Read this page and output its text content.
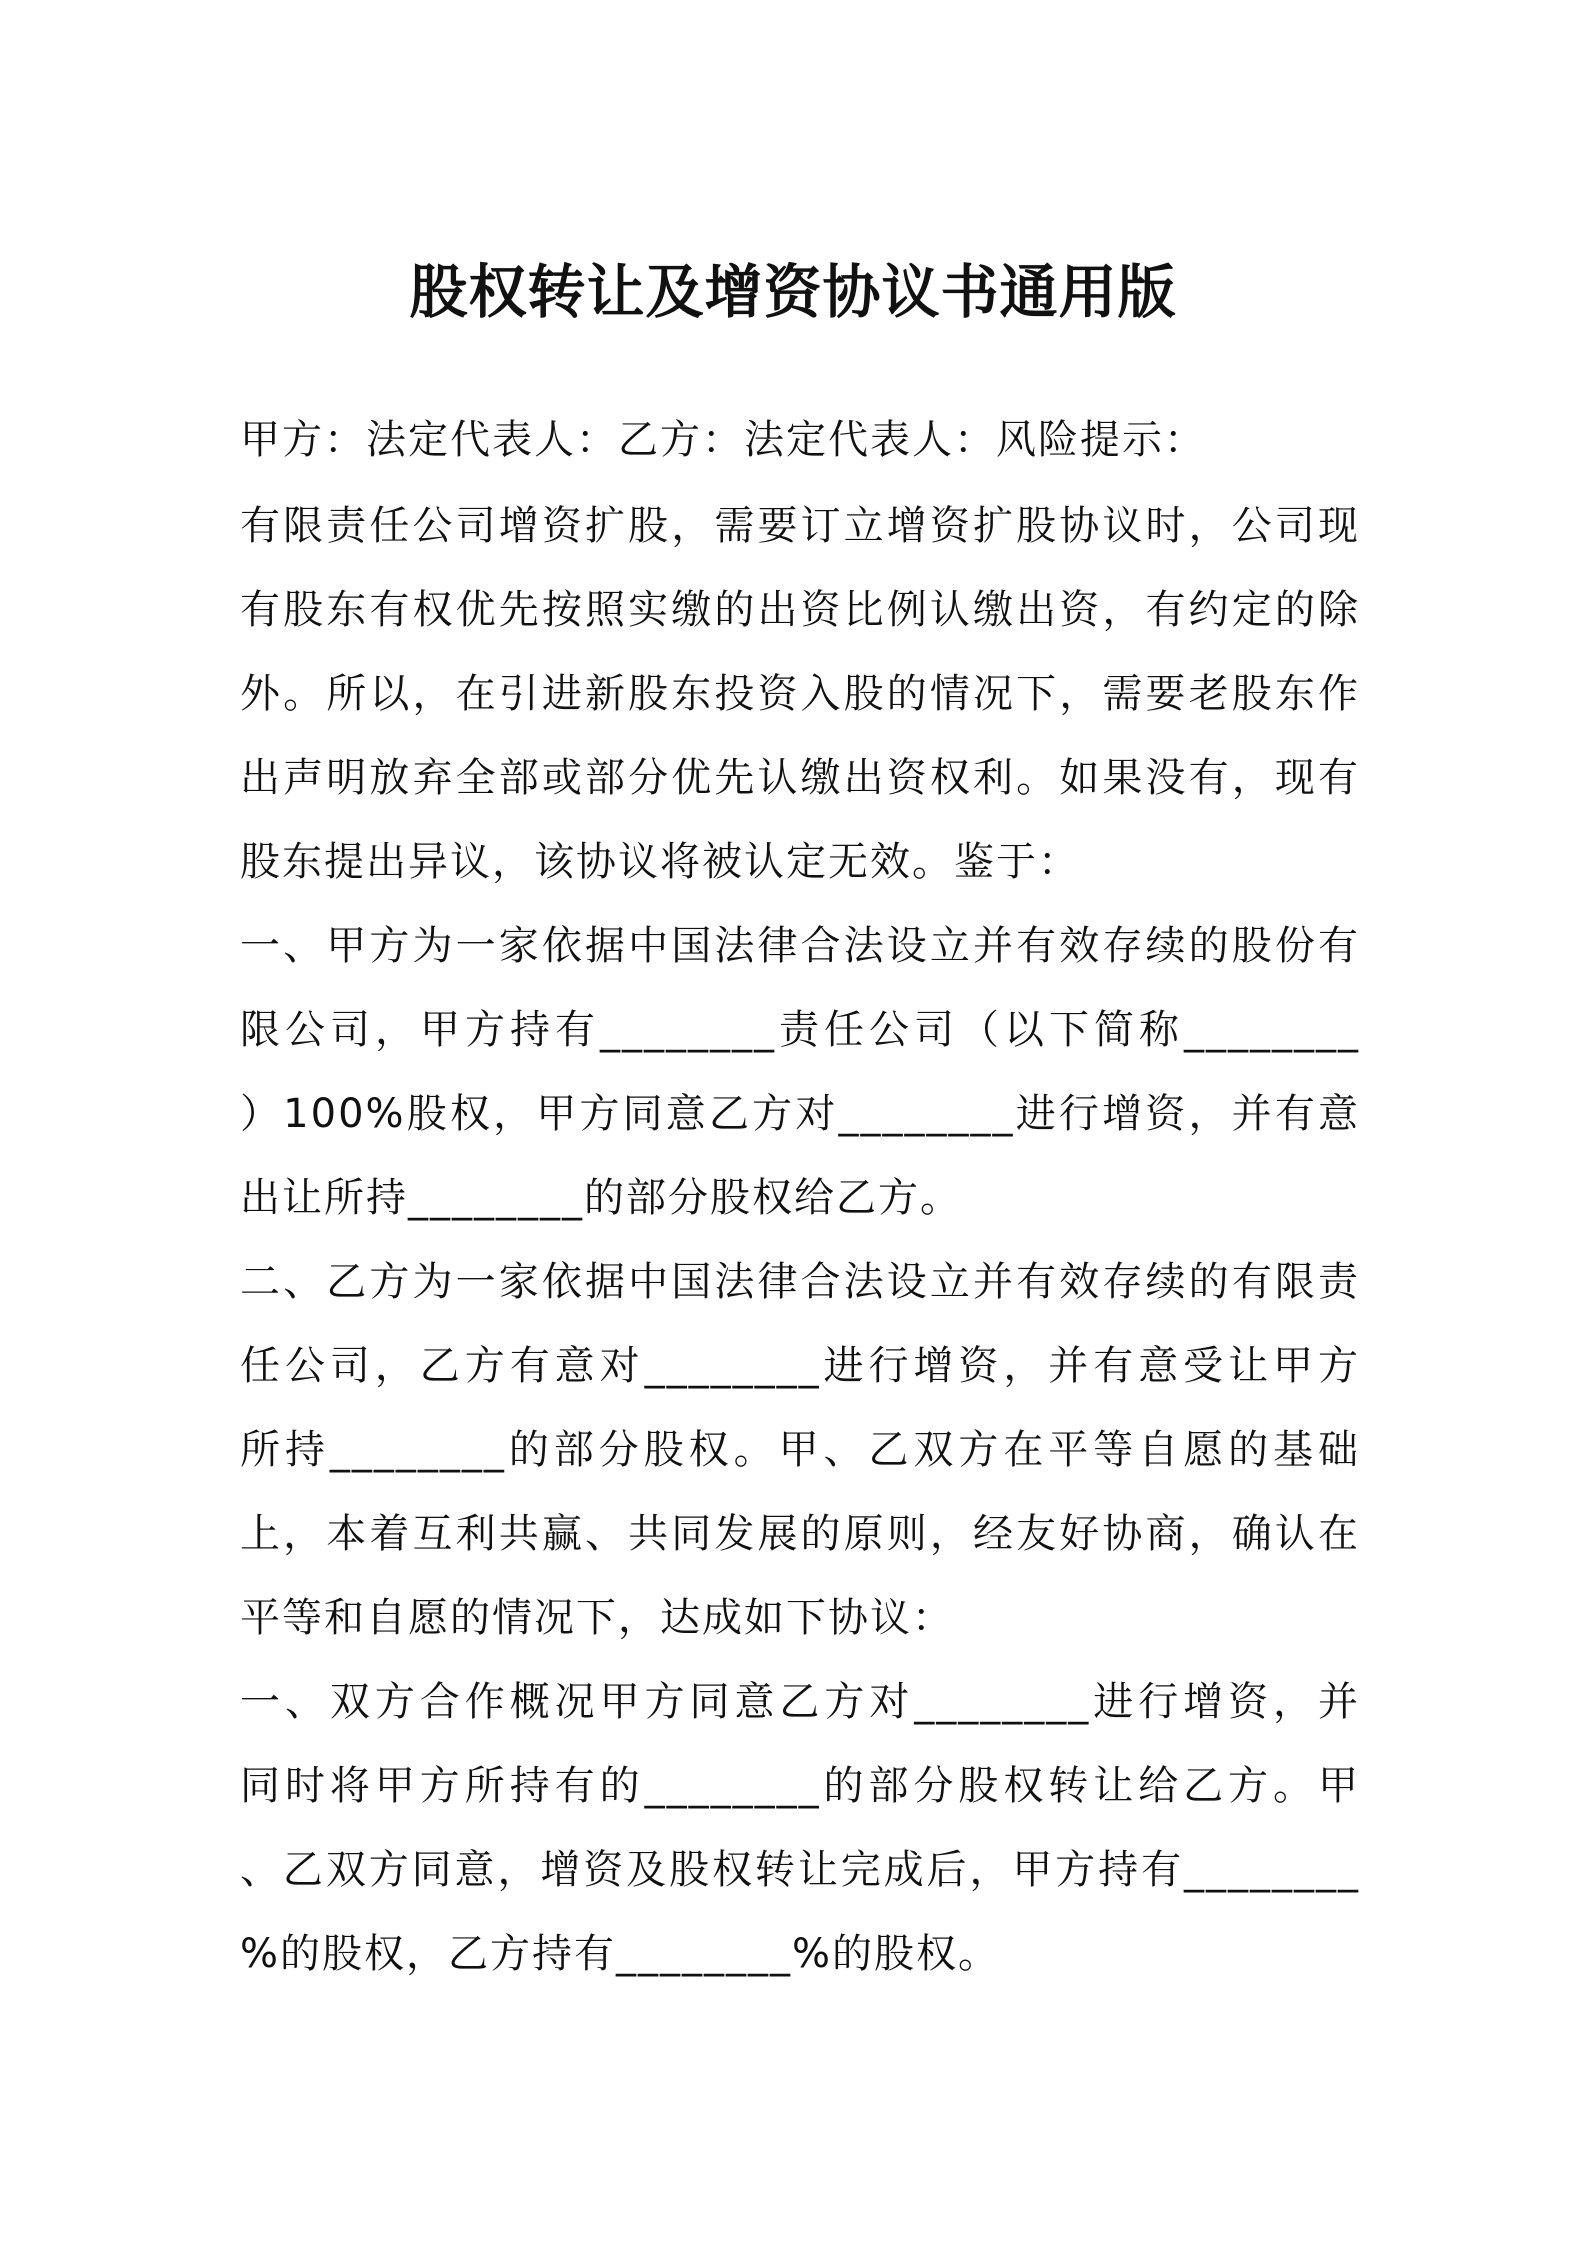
股权转让及增资协议书通用版

甲方：法定代表人：乙方：法定代表人：风险提示：

有限责任公司增资扩股，需要订立增资扩股协议时，公司现

有股东有权优先按照实缴的出资比例认缴出资，有约定的除

外。所以，在引进新股东投资入股的情况下，需要老股东作

出声明放弃全部或部分优先认缴出资权利。如果没有，现有

股东提出异议，该协议将被认定无效。鉴于：

一、甲方为一家依据中国法律合法设立并有效存续的股份有

限公司，甲方持有________责任公司（以下简称________

）100%股权，甲方同意乙方对________进行增资，并有意

出让所持________的部分股权给乙方。

二、乙方为一家依据中国法律合法设立并有效存续的有限责

任公司，乙方有意对________进行增资，并有意受让甲方

所持________的部分股权。甲、乙双方在平等自愿的基础

上，本着互利共赢、共同发展的原则，经友好协商，确认在

平等和自愿的情况下，达成如下协议：

一、双方合作概况甲方同意乙方对________进行增资，并

同时将甲方所持有的________的部分股权转让给乙方。甲

、乙双方同意，增资及股权转让完成后，甲方持有________

%的股权，乙方持有________%的股权。
